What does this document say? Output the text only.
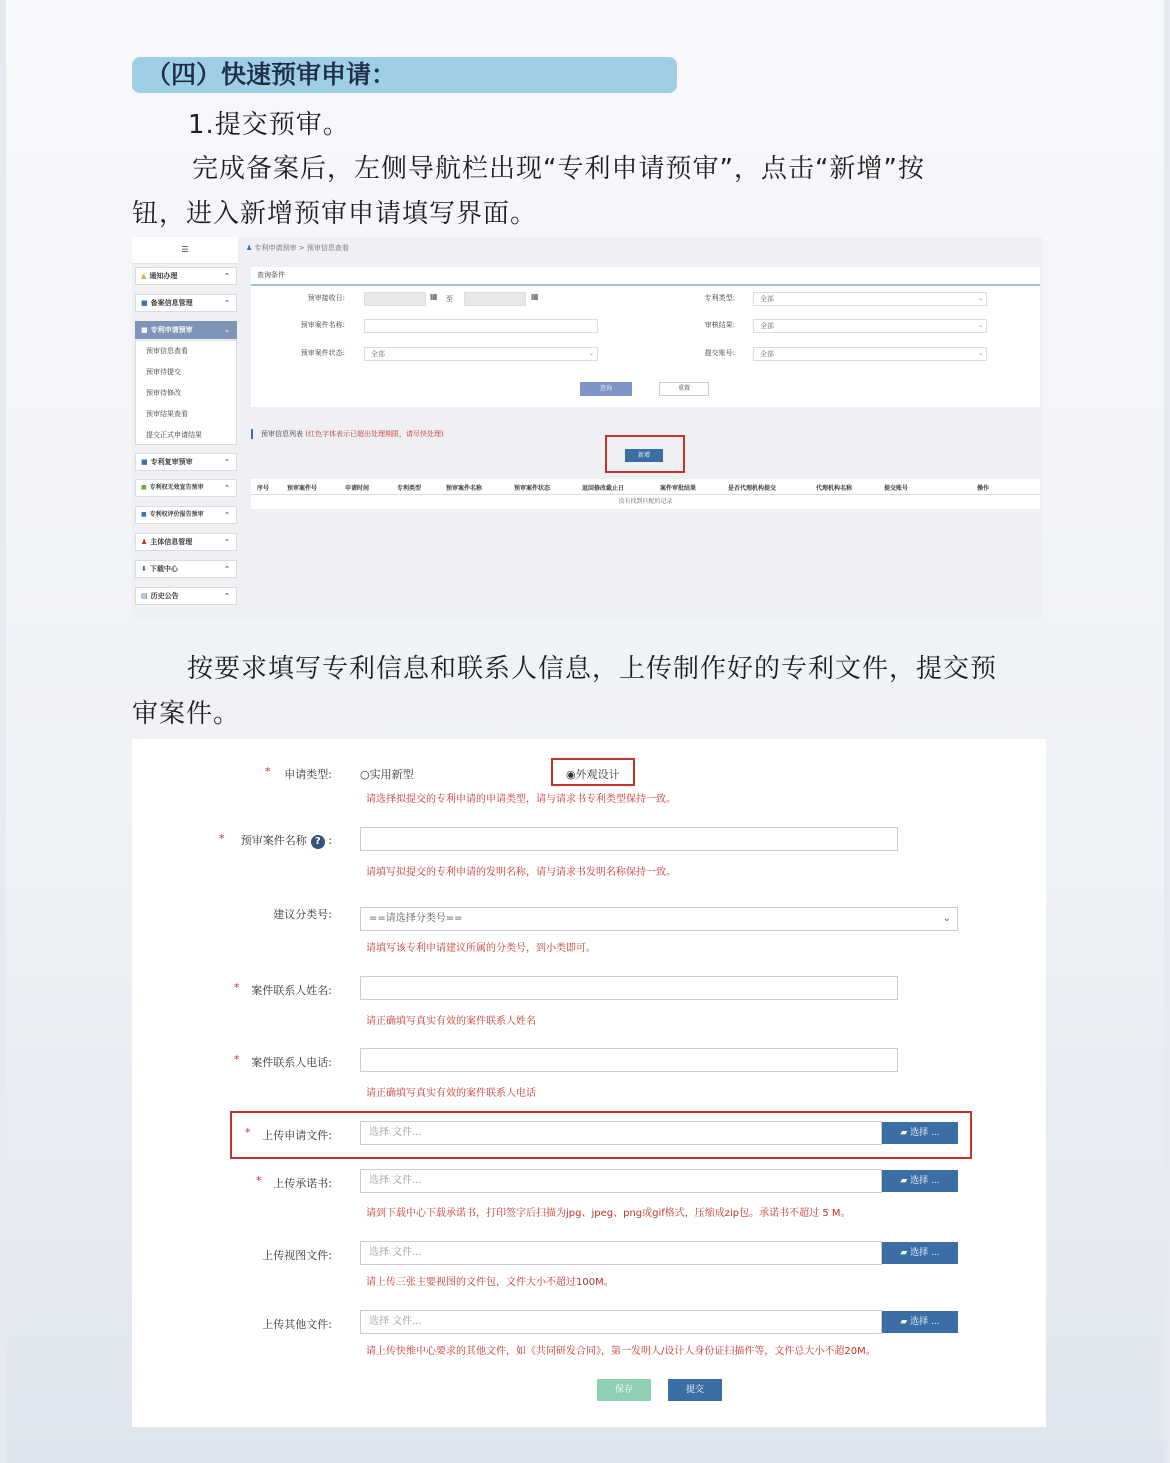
（四）快速预审申请：
1.提交预审。
完成备案后，左侧导航栏出现“专利申请预审”，点击“新增”按
钮，进入新增预审申请填写界面。
☰
▲ 通知办理	⌃
■ 备案信息管理	⌃
■ 专利申请预审	⌄
预审信息查看
预审待提交
预审待修改
预审结果查看
提交正式申请结果
■ 专利复审预审	⌃
■ 专利权无效宣告预审	⌃
■ 专利权评价报告预审	⌃
♟ 主体信息管理	⌃
⬇ 下载中心	⌃
▤ 历史公告	⌃
♟ 专利申请预审 > 预审信息查看
查询条件
预审接收日:	▦	至	▦
预审案件名称:
预审案件状态:	全部	⌄
专利类型:	全部	⌄
审核结果:	全部	⌄
提交账号:	全部	⌄
查询	重置
预审信息列表 (红色字体表示已超出处理期限，请尽快处理)
新增
序号	预审案件号	申请时间	专利类型	预审案件名称	预审案件状态	返回修改截止日	案件审批结果	是否代理机构提交	代理机构名称	提交账号	操作
没有找到匹配的记录
按要求填写专利信息和联系人信息，上传制作好的专利文件，提交预
审案件。
*	申请类型:	○实用新型	◉外观设计
请选择拟提交的专利申请的申请类型，请与请求书专利类型保持一致。
*	预审案件名称 ? :
请填写拟提交的专利申请的发明名称，请与请求书发明名称保持一致。
建议分类号:	==请选择分类号==	⌄
请填写该专利申请建议所属的分类号，到小类即可。
*	案件联系人姓名:
请正确填写真实有效的案件联系人姓名
*	案件联系人电话:
请正确填写真实有效的案件联系人电话
*	上传申请文件:	选择 文件...	▰ 选择 ...
*	上传承诺书:	选择 文件...	▰ 选择 ...
请到下载中心下载承诺书，打印签字后扫描为jpg、jpeg、png或gif格式，压缩成zip包。承诺书不超过 5 M。
上传视图文件:	选择 文件...	▰ 选择 ...
请上传三张主要视图的文件包，文件大小不超过100M。
上传其他文件:	选择 文件...	▰ 选择 ...
请上传快维中心要求的其他文件，如《共同研发合同》，第一发明人/设计人身份证扫描件等，文件总大小不超20M。
保存	提交
